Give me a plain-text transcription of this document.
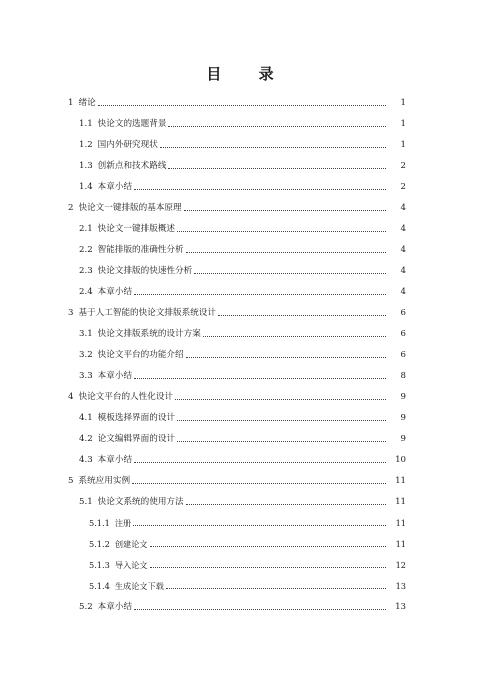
目 录
1 绪论	1
1.1 快论文的选题背景	1
1.2 国内外研究现状	1
1.3 创新点和技术路线	2
1.4 本章小结	2
2 快论文一键排版的基本原理	4
2.1 快论文一键排版概述	4
2.2 智能排版的准确性分析	4
2.3 快论文排版的快速性分析	4
2.4 本章小结	4
3 基于人工智能的快论文排版系统设计	6
3.1 快论文排版系统的设计方案	6
3.2 快论文平台的功能介绍	6
3.3 本章小结	8
4 快论文平台的人性化设计	9
4.1 模板选择界面的设计	9
4.2 论文编辑界面的设计	9
4.3 本章小结	10
5 系统应用实例	11
5.1 快论文系统的使用方法	11
5.1.1 注册	11
5.1.2 创建论文	11
5.1.3 导入论文	12
5.1.4 生成论文下载	13
5.2 本章小结	13
